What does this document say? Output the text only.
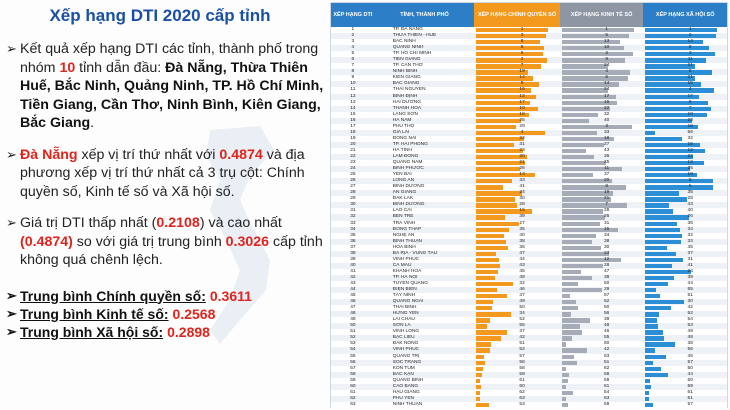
Xếp hạng DTI 2020 cấp tỉnh
➢ Kết quả xếp hạng DTI các tỉnh, thành phố trong nhóm 10 tỉnh dẫn đầu: Đà Nẵng, Thừa Thiên Huế, Bắc Ninh, Quảng Ninh, TP. Hồ Chí Minh, Tiền Giang, Cần Thơ, Ninh Bình, Kiên Giang, Bắc Giang.
➢ Đà Nẵng xếp vị trí thứ nhất với 0.4874 và địa phương xếp vị trí thứ nhất cả 3 trụ cột: Chính quyền số, Kinh tế số và Xã hội số.
➢ Giá trị DTI thấp nhất (0.2108) và cao nhất (0.4874) so với giá trị trung bình 0.3026 cấp tỉnh không quá chênh lệch.
➢ Trung bình Chính quyền số: 0.3611
➢ Trung bình Kinh tế số: 0.2568
➢ Trung bình Xã hội số: 0.2898
XẾP HẠNG DTI	TỈNH, THÀNH PHỐ	XẾP HẠNG CHÍNH QUYỀN SỐ	XẾP HẠNG KINH TẾ SỐ	XẾP HẠNG XÃ HỘI SỐ
1	TP. ĐÀ NẴNG	1	1	1
2	THỪA THIÊN - HUẾ	3	5	2
3	BẮC NINH	8	13	14
4	QUẢNG NINH	5	10	8
5	TP. HỒ CHÍ MINH	6	2	3
6	TIỀN GIANG	2	9	11
7	TP. CẦN THƠ	7	24	21
8	NINH BÌNH	19	4	6
9	KIÊN GIANG	14	6	21
10	BẮC GIANG	9	14	15
11	THÁI NGUYÊN	16	24	4
12	BÌNH ĐỊNH	12	17	17
13	HẢI DƯƠNG	17	16	9
14	THANH HÓA	10	22	7
15	LẠNG SƠN	18	32	10
16	HÀ NAM	25	40	23
17	PHÚ THỌ	29	3	18
18	GIA LAI	4	33	56
19	ĐỒNG NAI	22	18	32
20	TP. HẢI PHÒNG	31	27	16
21	HÀ TĨNH	23	43	12
22	LÂM ĐỒNG	20	36	22
23	QUẢNG NAM	21	25	13
24	BÌNH PHƯỚC	26	11	25
25	YÊN BÁI	13	37	19
26	LONG AN	33	20	5
27	BÌNH DƯƠNG	41	8	5
28	AN GIANG	24	19	35
29	ĐẮK LẮK	30	21	28
30	BÌNH DƯƠNG	28	7	43
31	LÀO CAI	15	28	40
32	BẾN TRE	39	26	26
33	TRÀ VINH	27	31	36
34	ĐỒNG THÁP	35	15	34
35	NGHỆ AN	40	34	32
36	BÌNH THUẬN	38	38	33
37	HÒA BÌNH	36	30	45
38	BÀ RỊA - VŨNG TÀU	47	23	37
39	VĨNH PHÚC	44	12	31
40	CÀ MAU	43	28	41
41	KHÁNH HÒA	45	47	24
42	TP. HÀ NỘI	48	38	39
43	TUYÊN QUANG	32	50	44
44	ĐIỆN BIÊN	46	29	55
45	TÂY NINH	37	57	51
46	QUẢNG NGÃI	49	52	30
47	THÁI BÌNH	50	50	42
48	HƯNG YÊN	34	56	52
49	LAI CHÂU	52	39	54
50	SƠN LA	55	48	53
51	VĨNH LONG	37	46	49
52	BẠC LIÊU	42	55	48
53	ĐẮK NÔNG	51	60	38
54	VĨNH PHÚC	52	42	56
55	QUẢNG TRỊ	57	53	46
56	SÓC TRĂNG	56	51	57
57	KON TUM	58	62	50
58	BẮC KẠN	59	58	44
59	QUẢNG BÌNH	61	59	60
60	CAO BẰNG	60	61	59
61	HẬU GIANG	62	54	61
62	PHÚ YÊN	63	63	61
63	NINH THUẬN	53	59	57
